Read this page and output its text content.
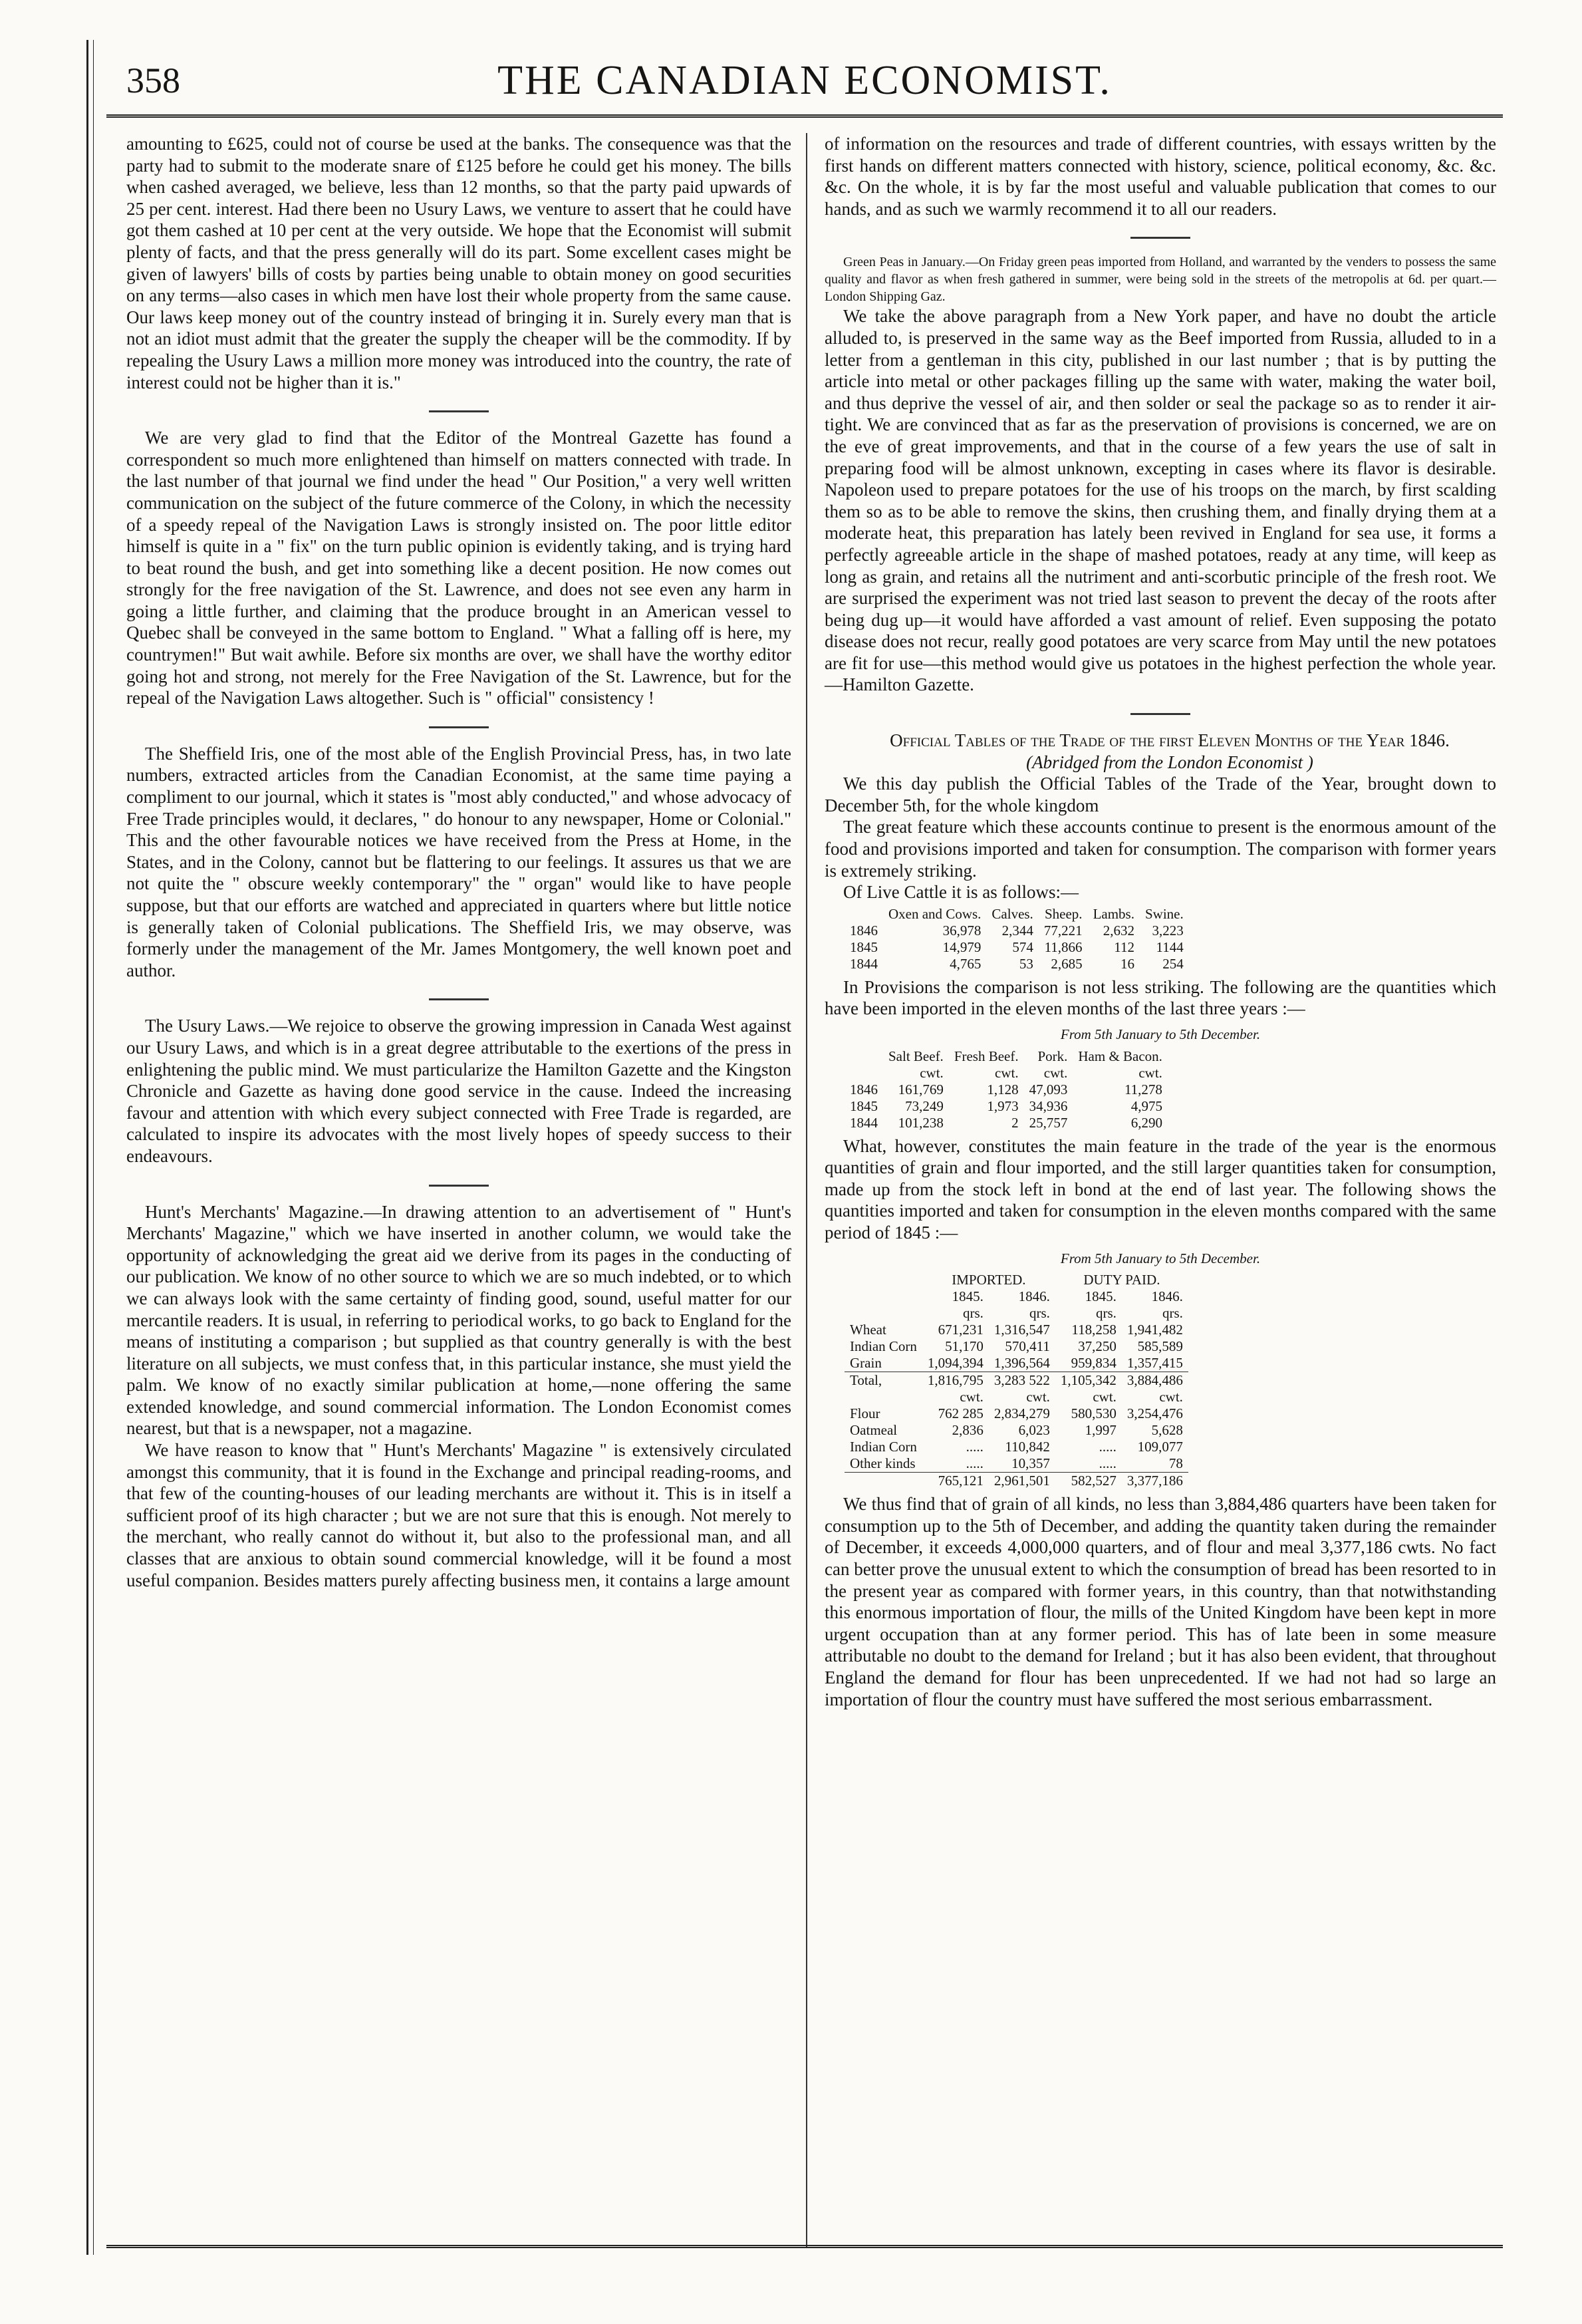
358	THE CANADIAN ECONOMIST.

amounting to £625, could not of course be used at the banks. The consequence was that the party had to submit to the moderate snare of £125 before he could get his money. The bills when cashed averaged, we believe, less than 12 months, so that the party paid upwards of 25 per cent. interest. Had there been no Usury Laws, we venture to assert that he could have got them cashed at 10 per cent at the very outside. We hope that the Economist will submit plenty of facts, and that the press generally will do its part. Some excellent cases might be given of lawyers' bills of costs by parties being unable to obtain money on good securities on any terms—also cases in which men have lost their whole property from the same cause. Our laws keep money out of the country instead of bringing it in. Surely every man that is not an idiot must admit that the greater the supply the cheaper will be the commodity. If by repealing the Usury Laws a million more money was introduced into the country, the rate of interest could not be higher than it is."

We are very glad to find that the Editor of the Montreal Gazette has found a correspondent so much more enlightened than himself on matters connected with trade. In the last number of that journal we find under the head " Our Position," a very well written communication on the subject of the future commerce of the Colony, in which the necessity of a speedy repeal of the Navigation Laws is strongly insisted on. The poor little editor himself is quite in a " fix" on the turn public opinion is evidently taking, and is trying hard to beat round the bush, and get into something like a decent position. He now comes out strongly for the free navigation of the St. Lawrence, and does not see even any harm in going a little further, and claiming that the produce brought in an American vessel to Quebec shall be conveyed in the same bottom to England. " What a falling off is here, my countrymen!" But wait awhile. Before six months are over, we shall have the worthy editor going hot and strong, not merely for the Free Navigation of the St. Lawrence, but for the repeal of the Navigation Laws altogether. Such is " official" consistency !

The Sheffield Iris, one of the most able of the English Provincial Press, has, in two late numbers, extracted articles from the Canadian Economist, at the same time paying a compliment to our journal, which it states is "most ably conducted," and whose advocacy of Free Trade principles would, it declares, " do honour to any newspaper, Home or Colonial." This and the other favourable notices we have received from the Press at Home, in the States, and in the Colony, cannot but be flattering to our feelings. It assures us that we are not quite the " obscure weekly contemporary" the " organ" would like to have people suppose, but that our efforts are watched and appreciated in quarters where but little notice is generally taken of Colonial publications. The Sheffield Iris, we may observe, was formerly under the management of the Mr. James Montgomery, the well known poet and author.

The Usury Laws.—We rejoice to observe the growing impression in Canada West against our Usury Laws, and which is in a great degree attributable to the exertions of the press in enlightening the public mind. We must particularize the Hamilton Gazette and the Kingston Chronicle and Gazette as having done good service in the cause. Indeed the increasing favour and attention with which every subject connected with Free Trade is regarded, are calculated to inspire its advocates with the most lively hopes of speedy success to their endeavours.

Hunt's Merchants' Magazine.—In drawing attention to an advertisement of " Hunt's Merchants' Magazine," which we have inserted in another column, we would take the opportunity of acknowledging the great aid we derive from its pages in the conducting of our publication. We know of no other source to which we are so much indebted, or to which we can always look with the same certainty of finding good, sound, useful matter for our mercantile readers. It is usual, in referring to periodical works, to go back to England for the means of instituting a comparison ; but supplied as that country generally is with the best literature on all subjects, we must confess that, in this particular instance, she must yield the palm. We know of no exactly similar publication at home,—none offering the same extended knowledge, and sound commercial information. The London Economist comes nearest, but that is a newspaper, not a magazine.

We have reason to know that " Hunt's Merchants' Magazine " is extensively circulated amongst this community, that it is found in the Exchange and principal reading-rooms, and that few of the counting-houses of our leading merchants are without it. This is in itself a sufficient proof of its high character ; but we are not sure that this is enough. Not merely to the merchant, who really cannot do without it, but also to the professional man, and all classes that are anxious to obtain sound commercial knowledge, will it be found a most useful companion. Besides matters purely affecting business men, it contains a large amount

of information on the resources and trade of different countries, with essays written by the first hands on different matters connected with history, science, political economy, &c. &c. &c. On the whole, it is by far the most useful and valuable publication that comes to our hands, and as such we warmly recommend it to all our readers.

Green Peas in January.—On Friday green peas imported from Holland, and warranted by the venders to possess the same quality and flavor as when fresh gathered in summer, were being sold in the streets of the metropolis at 6d. per quart.—London Shipping Gaz.

We take the above paragraph from a New York paper, and have no doubt the article alluded to, is preserved in the same way as the Beef imported from Russia, alluded to in a letter from a gentleman in this city, published in our last number ; that is by putting the article into metal or other packages filling up the same with water, making the water boil, and thus deprive the vessel of air, and then solder or seal the package so as to render it air-tight. We are convinced that as far as the preservation of provisions is concerned, we are on the eve of great improvements, and that in the course of a few years the use of salt in preparing food will be almost unknown, excepting in cases where its flavor is desirable. Napoleon used to prepare potatoes for the use of his troops on the march, by first scalding them so as to be able to remove the skins, then crushing them, and finally drying them at a moderate heat, this preparation has lately been revived in England for sea use, it forms a perfectly agreeable article in the shape of mashed potatoes, ready at any time, will keep as long as grain, and retains all the nutriment and anti-scorbutic principle of the fresh root. We are surprised the experiment was not tried last season to prevent the decay of the roots after being dug up—it would have afforded a vast amount of relief. Even supposing the potato disease does not recur, really good potatoes are very scarce from May until the new potatoes are fit for use—this method would give us potatoes in the highest perfection the whole year.—Hamilton Gazette.

Official Tables of the Trade of the first Eleven Months of the Year 1846.

(Abridged from the London Economist )

We this day publish the Official Tables of the Trade of the Year, brought down to December 5th, for the whole kingdom

The great feature which these accounts continue to present is the enormous amount of the food and provisions imported and taken for consumption. The comparison with former years is extremely striking.

Of Live Cattle it is as follows:—

	Oxen and Cows.	Calves.	Sheep.	Lambs.	Swine.
1846	36,978	2,344	77,221	2,632	3,223
1845	14,979	574	11,866	112	1144
1844	4,765	53	2,685	16	254

In Provisions the comparison is not less striking. The following are the quantities which have been imported in the eleven months of the last three years :—

From 5th January to 5th December.
	Salt Beef.	Fresh Beef.	Pork.	Ham & Bacon.
	cwt.	cwt.	cwt.	cwt.
1846	161,769	1,128	47,093	11,278
1845	73,249	1,973	34,936	4,975
1844	101,238	2	25,757	6,290

What, however, constitutes the main feature in the trade of the year is the enormous quantities of grain and flour imported, and the still larger quantities taken for consumption, made up from the stock left in bond at the end of last year. The following shows the quantities imported and taken for consumption in the eleven months compared with the same period of 1845 :—

From 5th January to 5th December.
	IMPORTED.		DUTY PAID.	
	1845.	1846.	1845.	1846.
	qrs.	qrs.	qrs.	qrs.
Wheat	671,231	1,316,547	118,258	1,941,482
Indian Corn	51,170	570,411	37,250	585,589
Grain	1,094,394	1,396,564	959,834	1,357,415
Total,	1,816,795	3,283 522	1,105,342	3,884,486
	cwt.	cwt.	cwt.	cwt.
Flour	762 285	2,834,279	580,530	3,254,476
Oatmeal	2,836	6,023	1,997	5,628
Indian Corn	.....	110,842	.....	109,077
Other kinds	.....	10,357	.....	78
	765,121	2,961,501	582,527	3,377,186

We thus find that of grain of all kinds, no less than 3,884,486 quarters have been taken for consumption up to the 5th of December, and adding the quantity taken during the remainder of December, it exceeds 4,000,000 quarters, and of flour and meal 3,377,186 cwts. No fact can better prove the unusual extent to which the consumption of bread has been resorted to in the present year as compared with former years, in this country, than that notwithstanding this enormous importation of flour, the mills of the United Kingdom have been kept in more urgent occupation than at any former period. This has of late been in some measure attributable no doubt to the demand for Ireland ; but it has also been evident, that throughout England the demand for flour has been unprecedented. If we had not had so large an importation of flour the country must have suffered the most serious embarrassment.
